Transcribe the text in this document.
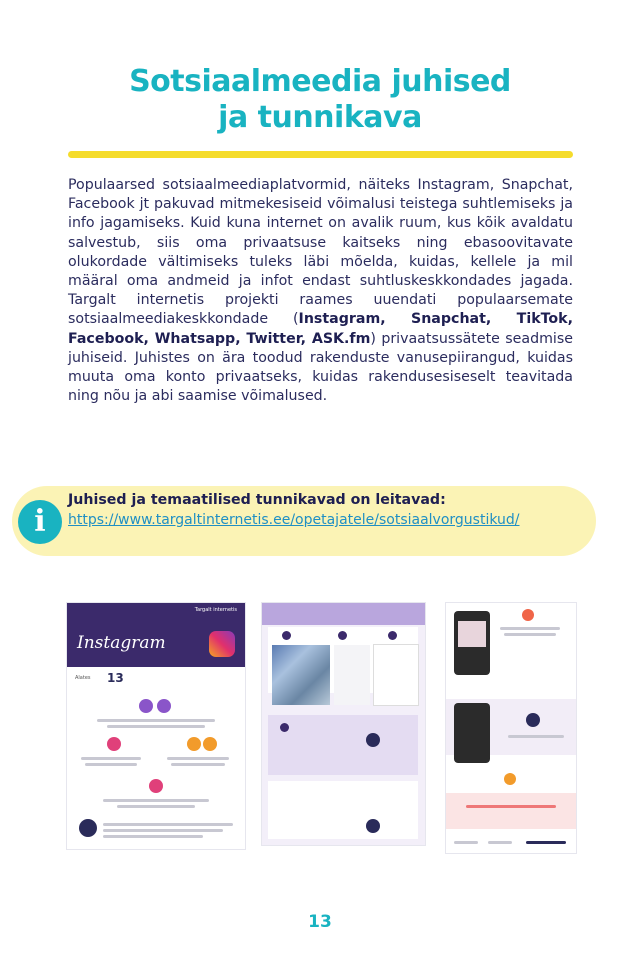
Sotsiaalmeedia juhised
ja tunnikava
Populaarsed sotsiaalmeediaplatvormid, näiteks Instagram, Snapchat, Facebook jt pakuvad mitmekesiseid võimalusi teistega suhtlemiseks ja info jagamiseks. Kuid kuna internet on avalik ruum, kus kõik avaldatu salvestub, siis oma privaatsuse kaitseks ning ebasoovitavate olukordade vältimiseks tuleks läbi mõelda, kuidas, kellele ja mil määral oma andmeid ja infot endast suhtluskeskkondades jagada. Targalt internetis projekti raames uuendati populaarsemate sotsiaalmeediakeskkondade (Instagram, Snapchat, TikTok, Facebook, Whatsapp, Twitter, ASK.fm) privaatsussätete seadmise juhiseid. Juhistes on ära toodud rakenduste vanusepiirangud, kuidas muuta oma konto privaatseks, kuidas rakendusesiseselt teavitada ning nõu ja abi saamise võimalused.
i
Juhised ja temaatilised tunnikavad on leitavad:
https://www.targaltinternetis.ee/opetajatele/sotsiaalvorgustikud/
Targalt internetis
Instagram
Alates 13
13
